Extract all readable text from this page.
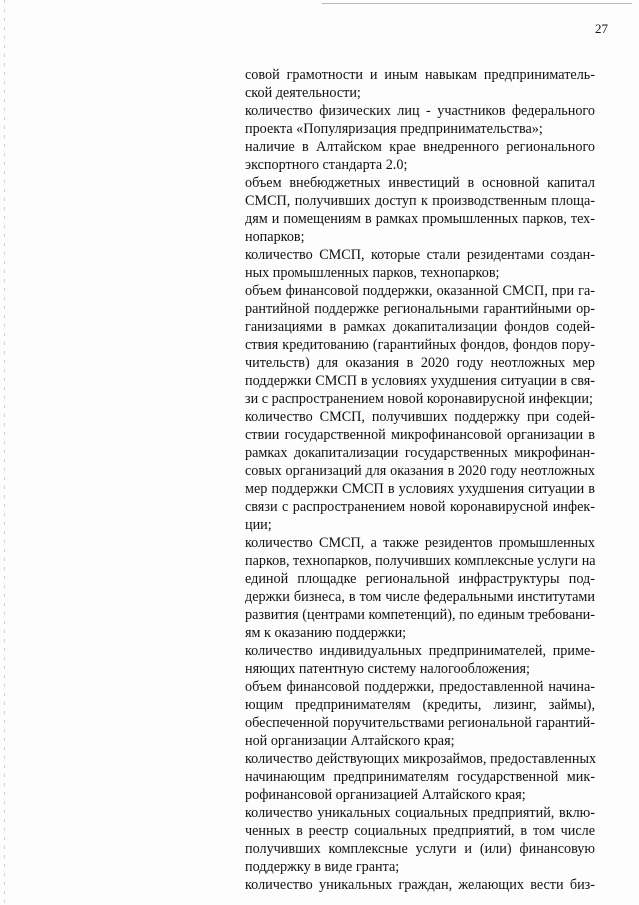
27
совой грамотности и иным навыкам предприниматель-
ской деятельности;
количество физических лиц - участников федерального
проекта «Популяризация предпринимательства»;
наличие в Алтайском крае внедренного регионального
экспортного стандарта 2.0;
объем внебюджетных инвестиций в основной капитал
СМСП, получивших доступ к производственным площа-
дям и помещениям в рамках промышленных парков, тех-
нопарков;
количество СМСП, которые стали резидентами создан-
ных промышленных парков, технопарков;
объем финансовой поддержки, оказанной СМСП, при га-
рантийной поддержке региональными гарантийными ор-
ганизациями в рамках докапитализации фондов содей-
ствия кредитованию (гарантийных фондов, фондов пору-
чительств) для оказания в 2020 году неотложных мер
поддержки СМСП в условиях ухудшения ситуации в свя-
зи с распространением новой коронавирусной инфекции;
количество СМСП, получивших поддержку при содей-
ствии государственной микрофинансовой организации в
рамках докапитализации государственных микрофинан-
совых организаций для оказания в 2020 году неотложных
мер поддержки СМСП в условиях ухудшения ситуации в
связи с распространением новой коронавирусной инфек-
ции;
количество СМСП, а также резидентов промышленных
парков, технопарков, получивших комплексные услуги на
единой площадке региональной инфраструктуры под-
держки бизнеса, в том числе федеральными институтами
развития (центрами компетенций), по единым требовани-
ям к оказанию поддержки;
количество индивидуальных предпринимателей, приме-
няющих патентную систему налогообложения;
объем финансовой поддержки, предоставленной начина-
ющим предпринимателям (кредиты, лизинг, займы),
обеспеченной поручительствами региональной гарантий-
ной организации Алтайского края;
количество действующих микрозаймов, предоставленных
начинающим предпринимателям государственной мик-
рофинансовой организацией Алтайского края;
количество уникальных социальных предприятий, вклю-
ченных в реестр социальных предприятий, в том числе
получивших комплексные услуги и (или) финансовую
поддержку в виде гранта;
количество уникальных граждан, желающих вести биз-
